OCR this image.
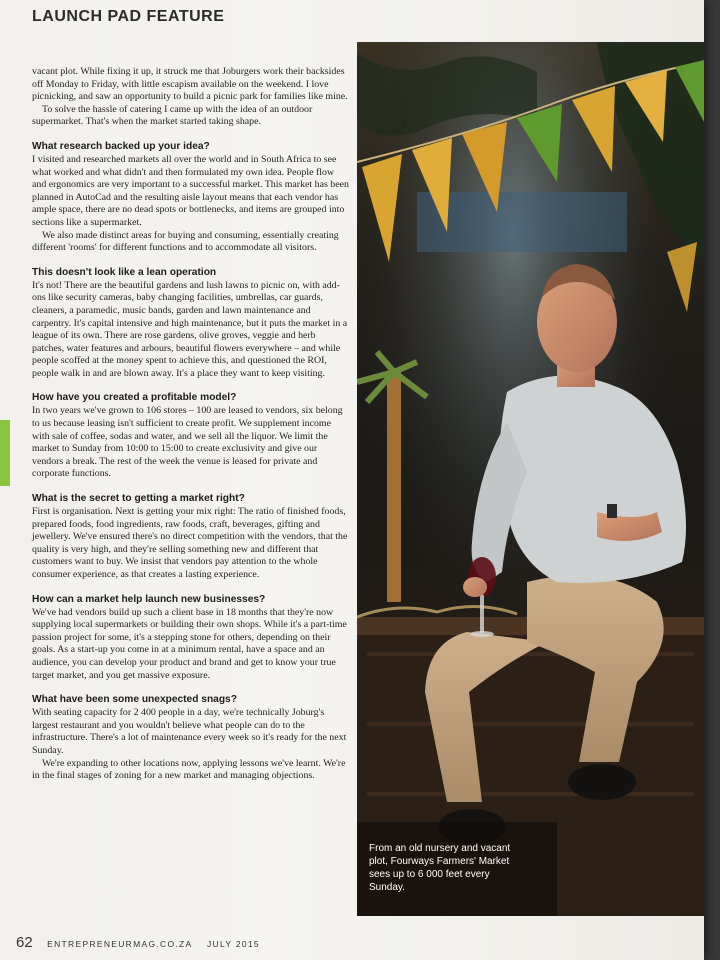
LAUNCH PAD FEATURE

vacant plot. While fixing it up, it struck me that Joburgers work their backsides off Monday to Friday, with little escapism available on the weekend. I love picnicking, and saw an opportunity to build a picnic park for families like mine.

To solve the hassle of catering I came up with the idea of an outdoor supermarket. That's when the market started taking shape.

What research backed up your idea?

I visited and researched markets all over the world and in South Africa to see what worked and what didn't and then formulated my own idea. People flow and ergonomics are very important to a successful market. This market has been planned in AutoCad and the resulting aisle layout means that each vendor has ample space, there are no dead spots or bottlenecks, and items are grouped into sections like a supermarket.

We also made distinct areas for buying and consuming, essentially creating different 'rooms' for different functions and to accommodate all visitors.

This doesn't look like a lean operation

It's not! There are the beautiful gardens and lush lawns to picnic on, with add-ons like security cameras, baby changing facilities, umbrellas, car guards, cleaners, a paramedic, music bands, garden and lawn maintenance and carpentry. It's capital intensive and high maintenance, but it puts the market in a league of its own. There are rose gardens, olive groves, veggie and herb patches, water features and arbours, beautiful flowers everywhere – and while people scoffed at the money spent to achieve this, and questioned the ROI, people walk in and are blown away. It's a place they want to keep visiting.

How have you created a profitable model?

In two years we've grown to 106 stores – 100 are leased to vendors, six belong to us because leasing isn't sufficient to create profit. We supplement income with sale of coffee, sodas and water, and we sell all the liquor. We limit the market to Sunday from 10:00 to 15:00 to create exclusivity and give our vendors a break. The rest of the week the venue is leased for private and corporate functions.

What is the secret to getting a market right?

First is organisation. Next is getting your mix right: The ratio of finished foods, prepared foods, food ingredients, raw foods, craft, beverages, gifting and jewellery. We've ensured there's no direct competition with the vendors, that the quality is very high, and they're selling something new and different that customers want to buy. We insist that vendors pay attention to the whole consumer experience, as that creates a lasting experience.

How can a market help launch new businesses?

We've had vendors build up such a client base in 18 months that they're now supplying local supermarkets or building their own shops. While it's a part-time passion project for some, it's a stepping stone for others, depending on their goals. As a start-up you come in at a minimum rental, have a space and an audience, you can develop your product and brand and get to know your true target market, and you get massive exposure.

What have been some unexpected snags?

With seating capacity for 2 400 people in a day, we're technically Joburg's largest restaurant and you wouldn't believe what people can do to the infrastructure. There's a lot of maintenance every week so it's ready for the next Sunday.

We're expanding to other locations now, applying lessons we've learnt. We're in the final stages of zoning for a new market and managing objections.

From an old nursery and vacant plot, Fourways Farmers' Market sees up to 6 000 feet every Sunday.
62 ENTREPRENEURMAG.CO.ZA JULY 2015
